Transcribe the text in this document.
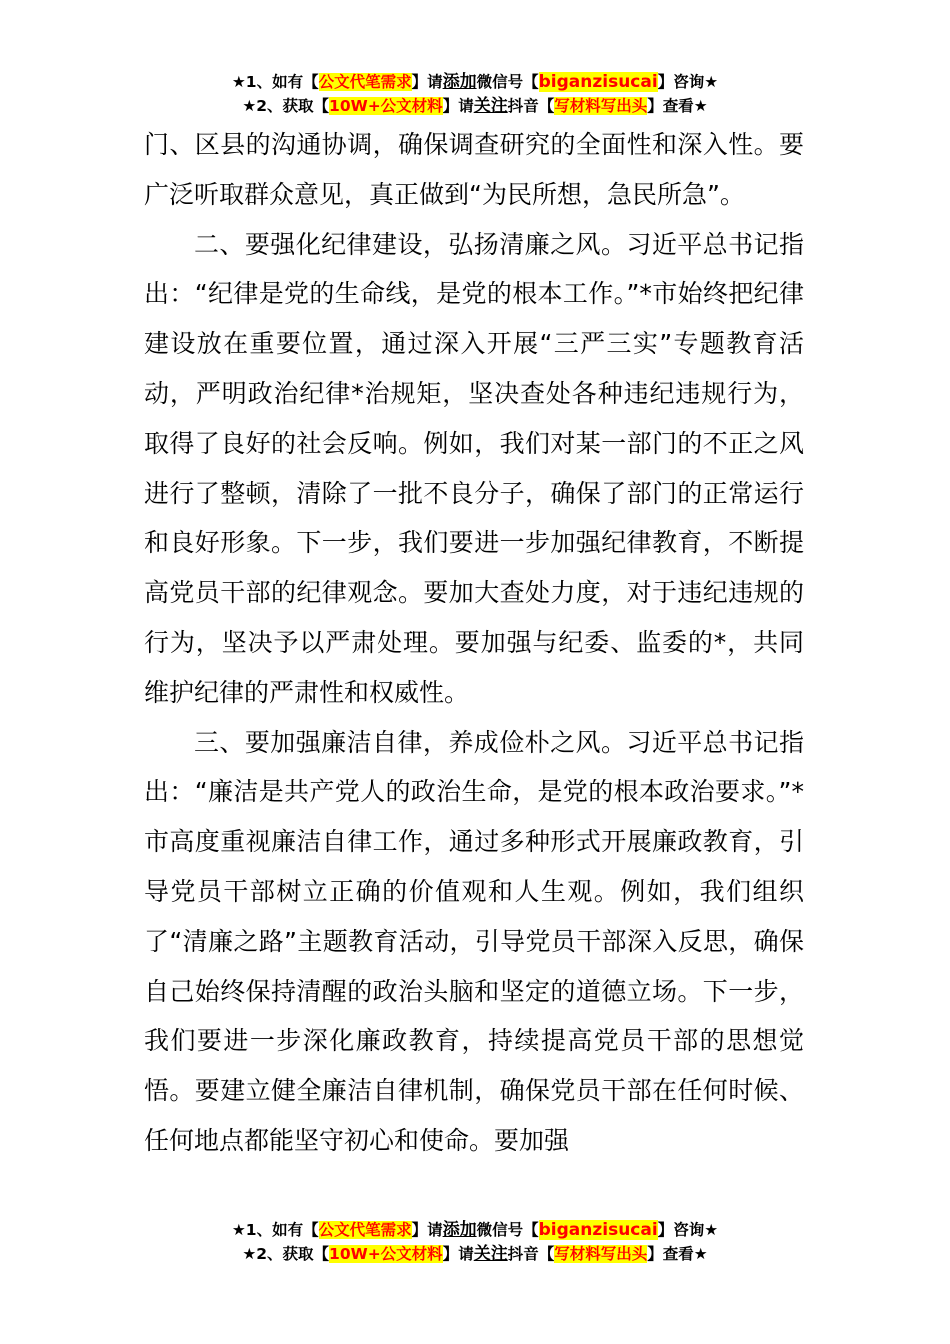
★1、如有【公文代笔需求】请添加微信号【biganzisucai】咨询★
★2、获取【10W+公文材料】请关注抖音【写材料写出头】查看★

门、区县的沟通协调，确保调查研究的全面性和深入性。要广泛听取群众意见，真正做到“为民所想，急民所急”。

二、要强化纪律建设，弘扬清廉之风。习近平总书记指出：“纪律是党的生命线，是党的根本工作。”*市始终把纪律建设放在重要位置，通过深入开展“三严三实”专题教育活动，严明政治纪律*治规矩，坚决查处各种违纪违规行为，取得了良好的社会反响。例如，我们对某一部门的不正之风进行了整顿，清除了一批不良分子，确保了部门的正常运行和良好形象。下一步，我们要进一步加强纪律教育，不断提高党员干部的纪律观念。要加大查处力度，对于违纪违规的行为，坚决予以严肃处理。要加强与纪委、监委的*，共同维护纪律的严肃性和权威性。

三、要加强廉洁自律，养成俭朴之风。习近平总书记指出：“廉洁是共产党人的政治生命，是党的根本政治要求。”*市高度重视廉洁自律工作，通过多种形式开展廉政教育，引导党员干部树立正确的价值观和人生观。例如，我们组织了“清廉之路”主题教育活动，引导党员干部深入反思，确保自己始终保持清醒的政治头脑和坚定的道德立场。下一步，我们要进一步深化廉政教育，持续提高党员干部的思想觉悟。要建立健全廉洁自律机制，确保党员干部在任何时候、任何地点都能坚守初心和使命。要加强

★1、如有【公文代笔需求】请添加微信号【biganzisucai】咨询★
★2、获取【10W+公文材料】请关注抖音【写材料写出头】查看★
